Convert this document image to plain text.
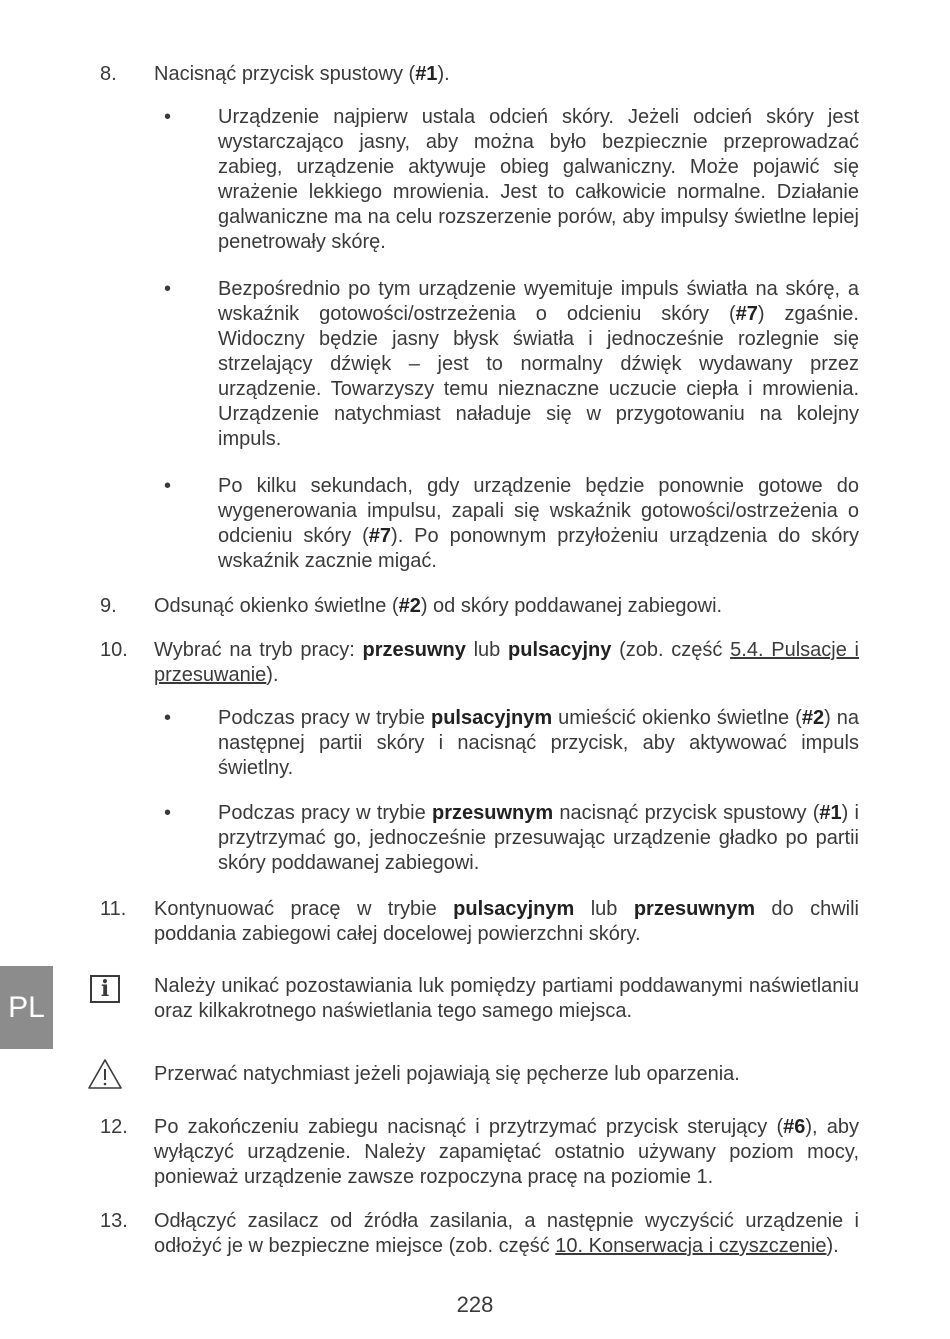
8. Nacisnąć przycisk spustowy (#1).
• Urządzenie najpierw ustala odcień skóry. Jeżeli odcień skóry jest wystarczająco jasny, aby można było bezpiecznie przeprowadzać zabieg, urządzenie aktywuje obieg galwaniczny. Może pojawić się wrażenie lekkiego mrowienia. Jest to całkowicie normalne. Działanie galwaniczne ma na celu rozszerzenie porów, aby impulsy świetlne lepiej penetrowały skórę.
• Bezpośrednio po tym urządzenie wyemituje impuls światła na skórę, a wskaźnik gotowości/ostrzeżenia o odcieniu skóry (#7) zgaśnie. Widoczny będzie jasny błysk światła i jednocześnie rozlegnie się strzelający dźwięk – jest to normalny dźwięk wydawany przez urządzenie. Towarzyszy temu nieznaczne uczucie ciepła i mrowienia. Urządzenie natychmiast naładuje się w przygotowaniu na kolejny impuls.
• Po kilku sekundach, gdy urządzenie będzie ponownie gotowe do wygenerowania impulsu, zapali się wskaźnik gotowości/ostrzeżenia o odcieniu skóry (#7). Po ponownym przyłożeniu urządzenia do skóry wskaźnik zacznie migać.
9. Odsunąć okienko świetlne (#2) od skóry poddawanej zabiegowi.
10. Wybrać na tryb pracy: przesuwny lub pulsacyjny (zob. część 5.4. Pulsacje i przesuwanie).
• Podczas pracy w trybie pulsacyjnym umieścić okienko świetlne (#2) na następnej partii skóry i nacisnąć przycisk, aby aktywować impuls świetlny.
• Podczas pracy w trybie przesuwnym nacisnąć przycisk spustowy (#1) i przytrzymać go, jednocześnie przesuwając urządzenie gładko po partii skóry poddawanej zabiegowi.
11. Kontynuować pracę w trybie pulsacyjnym lub przesuwnym do chwili poddania zabiegowi całej docelowej powierzchni skóry.
PL
i	Należy unikać pozostawiania luk pomiędzy partiami poddawanymi naświetlaniu oraz kilkakrotnego naświetlania tego samego miejsca.
Przerwać natychmiast jeżeli pojawiają się pęcherze lub oparzenia.
12. Po zakończeniu zabiegu nacisnąć i przytrzymać przycisk sterujący (#6), aby wyłączyć urządzenie. Należy zapamiętać ostatnio używany poziom mocy, ponieważ urządzenie zawsze rozpoczyna pracę na poziomie 1.
13. Odłączyć zasilacz od źródła zasilania, a następnie wyczyścić urządzenie i odłożyć je w bezpieczne miejsce (zob. część 10. Konserwacja i czyszczenie).
228
